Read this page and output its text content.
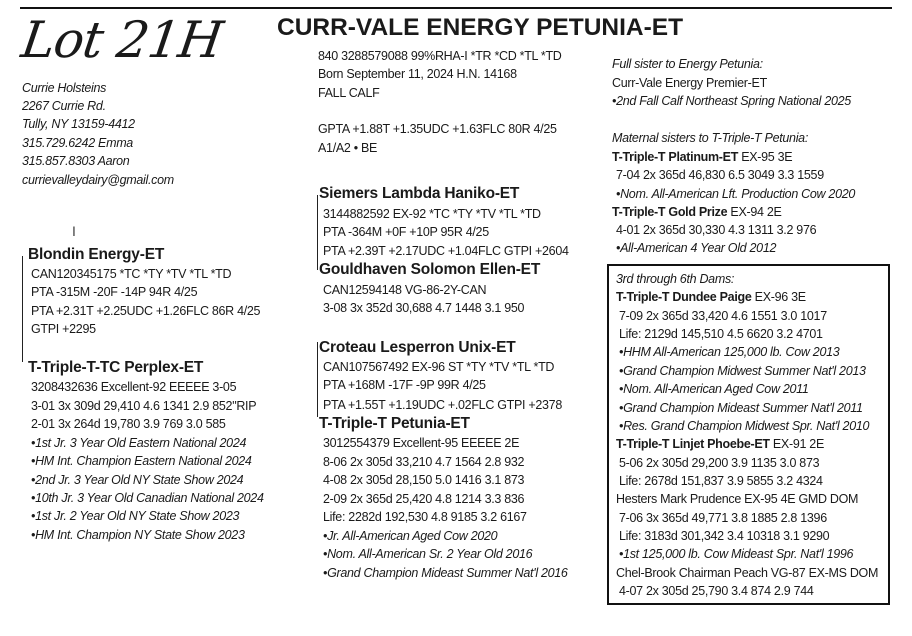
Lot 21H CURR-VALE ENERGY PETUNIA-ET
Currie Holsteins
2267 Currie Rd.
Tully, NY 13159-4412
315.729.6242 Emma
315.857.8303 Aaron
currievalleydairy@gmail.com
I
840 3288579088 99%RHA-I *TR *CD *TL *TD
Born September 11, 2024 H.N. 14168
FALL CALF
GPTA +1.88T +1.35UDC +1.63FLC 80R 4/25
A1/A2 • BE
Siemers Lambda Haniko-ET
3144882592 EX-92 *TC *TY *TV *TL *TD
PTA -364M +0F +10P 95R 4/25
PTA +2.39T +2.17UDC +1.04FLC GTPI +2604
Gouldhaven Solomon Ellen-ET
CAN12594148 VG-86-2Y-CAN
3-08 3x 352d 30,688 4.7 1448 3.1 950
Blondin Energy-ET
CAN120345175 *TC *TY *TV *TL *TD
PTA -315M -20F -14P 94R 4/25
PTA +2.31T +2.25UDC +1.26FLC 86R 4/25
GTPI +2295
T-Triple-T-TC Perplex-ET
3208432636 Excellent-92 EEEEE 3-05
3-01 3x 309d 29,410 4.6 1341 2.9 852"RIP
2-01 3x 264d 19,780 3.9 769 3.0 585
•1st Jr. 3 Year Old Eastern National 2024
•HM Int. Champion Eastern National 2024
•2nd Jr. 3 Year Old NY State Show 2024
•10th Jr. 3 Year Old Canadian National 2024
•1st Jr. 2 Year Old NY State Show 2023
•HM Int. Champion NY State Show 2023
Croteau Lesperron Unix-ET
CAN107567492 EX-96 ST *TY *TV *TL *TD
PTA +168M -17F -9P 99R 4/25
PTA +1.55T +1.19UDC +.02FLC GTPI +2378
T-Triple-T Petunia-ET
3012554379 Excellent-95 EEEEE 2E
8-06 2x 305d 33,210 4.7 1564 2.8 932
4-08 2x 305d 28,150 5.0 1416 3.1 873
2-09 2x 365d 25,420 4.8 1214 3.3 836
Life: 2282d 192,530 4.8 9185 3.2 6167
•Jr. All-American Aged Cow 2020
•Nom. All-American Sr. 2 Year Old 2016
•Grand Champion Mideast Summer Nat'l 2016
Full sister to Energy Petunia:
Curr-Vale Energy Premier-ET
•2nd Fall Calf Northeast Spring National 2025
Maternal sisters to T-Triple-T Petunia:
T-Triple-T Platinum-ET EX-95 3E
7-04 2x 365d 46,830 6.5 3049 3.3 1559
•Nom. All-American Lft. Production Cow 2020
T-Triple-T Gold Prize EX-94 2E
4-01 2x 365d 30,330 4.3 1311 3.2 976
•All-American 4 Year Old 2012
3rd through 6th Dams:
T-Triple-T Dundee Paige EX-96 3E
7-09 2x 365d 33,420 4.6 1551 3.0 1017
Life: 2129d 145,510 4.5 6620 3.2 4701
•HHM All-American 125,000 lb. Cow 2013
•Grand Champion Midwest Summer Nat'l 2013
•Nom. All-American Aged Cow 2011
•Grand Champion Mideast Summer Nat'l 2011
•Res. Grand Champion Midwest Spr. Nat'l 2010
T-Triple-T Linjet Phoebe-ET EX-91 2E
5-06 2x 305d 29,200 3.9 1135 3.0 873
Life: 2678d 151,837 3.9 5855 3.2 4324
Hesters Mark Prudence EX-95 4E GMD DOM
7-06 3x 365d 49,771 3.8 1885 2.8 1396
Life: 3183d 301,342 3.4 10318 3.1 9290
•1st 125,000 lb. Cow Mideast Spr. Nat'l 1996
Chel-Brook Chairman Peach VG-87 EX-MS DOM
4-07 2x 305d 25,790 3.4 874 2.9 744
